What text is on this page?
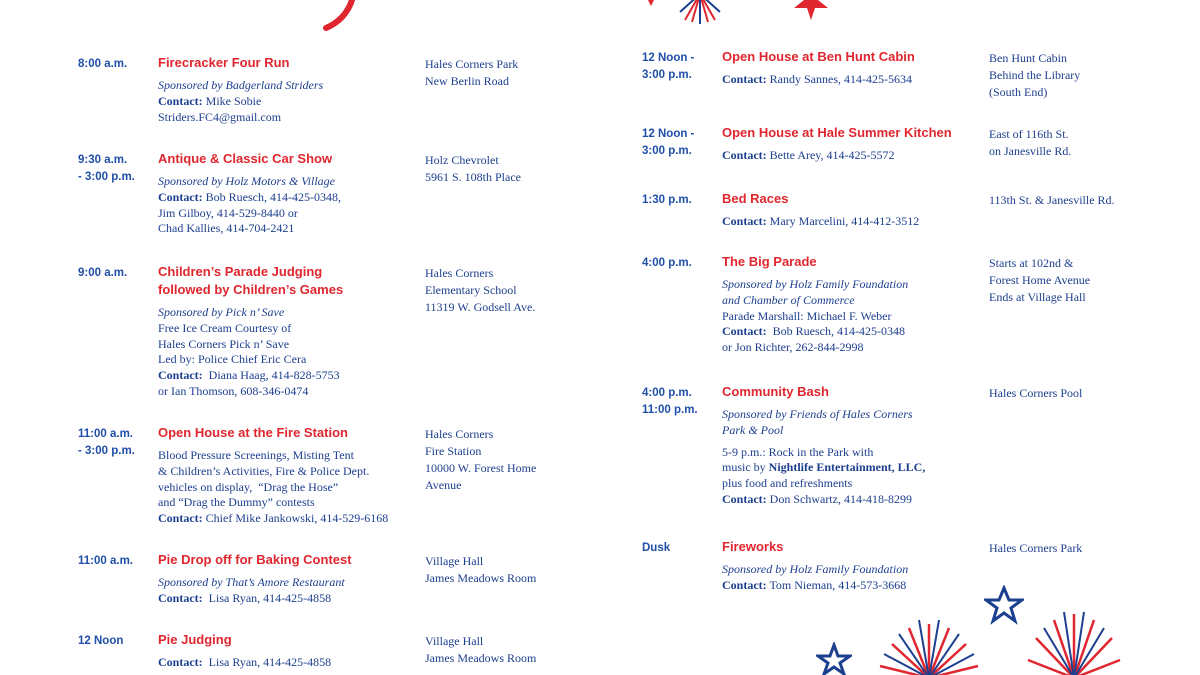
8:00 a.m. Firecracker Four Run
Sponsored by Badgerland Striders
Contact: Mike Sobie
Striders.FC4@gmail.com
Hales Corners Park
New Berlin Road
9:30 a.m.
- 3:00 p.m.
Antique & Classic Car Show
Sponsored by Holz Motors & Village
Contact: Bob Ruesch, 414-425-0348,
Jim Gilboy, 414-529-8440 or
Chad Kallies, 414-704-2421
Holz Chevrolet
5961 S. 108th Place
9:00 a.m. Children’s Parade Judging
followed by Children’s Games
Sponsored by Pick n’ Save
Free Ice Cream Courtesy of
Hales Corners Pick n’ Save
Led by: Police Chief Eric Cera
Contact:  Diana Haag, 414-828-5753
or Ian Thomson, 608-346-0474
Hales Corners
Elementary School
11319 W. Godsell Ave.
11:00 a.m.
- 3:00 p.m.
Open House at the Fire Station
Blood Pressure Screenings, Misting Tent
& Children’s Activities, Fire & Police Dept.
vehicles on display,  “Drag the Hose”
and “Drag the Dummy” contests
Contact: Chief Mike Jankowski, 414-529-6168
Hales Corners
Fire Station
10000 W. Forest Home
Avenue
11:00 a.m. Pie Drop off for Baking Contest
Sponsored by That’s Amore Restaurant
Contact:  Lisa Ryan, 414-425-4858
Village Hall
James Meadows Room
12 Noon	Pie Judging
Contact:  Lisa Ryan, 414-425-4858
Village Hall
James Meadows Room
12 Noon -
3:00 p.m.
Open House at Ben Hunt Cabin
Contact: Randy Sannes, 414-425-5634
Ben Hunt Cabin
Behind the Library
(South End)
12 Noon -
3:00 p.m.
Open House at Hale Summer Kitchen
Contact: Bette Arey, 414-425-5572
East of 116th St.
on Janesville Rd.
1:30 p.m. Bed Races
Contact: Mary Marcelini, 414-412-3512
113th St. & Janesville Rd.
4:00 p.m. The Big Parade
Sponsored by Holz Family Foundation
and Chamber of Commerce
Parade Marshall: Michael F. Weber
Contact:  Bob Ruesch, 414-425-0348
or Jon Richter, 262-844-2998
Starts at 102nd &
Forest Home Avenue
Ends at Village Hall
4:00 p.m.
11:00 p.m.
Community Bash
Sponsored by Friends of Hales Corners
Park & Pool
5-9 p.m.: Rock in the Park with
music by Nightlife Entertainment, LLC,
plus food and refreshments
Contact: Don Schwartz, 414-418-8299
Hales Corners Pool
Dusk	Fireworks
Sponsored by Holz Family Foundation
Contact: Tom Nieman, 414-573-3668
Hales Corners Park
